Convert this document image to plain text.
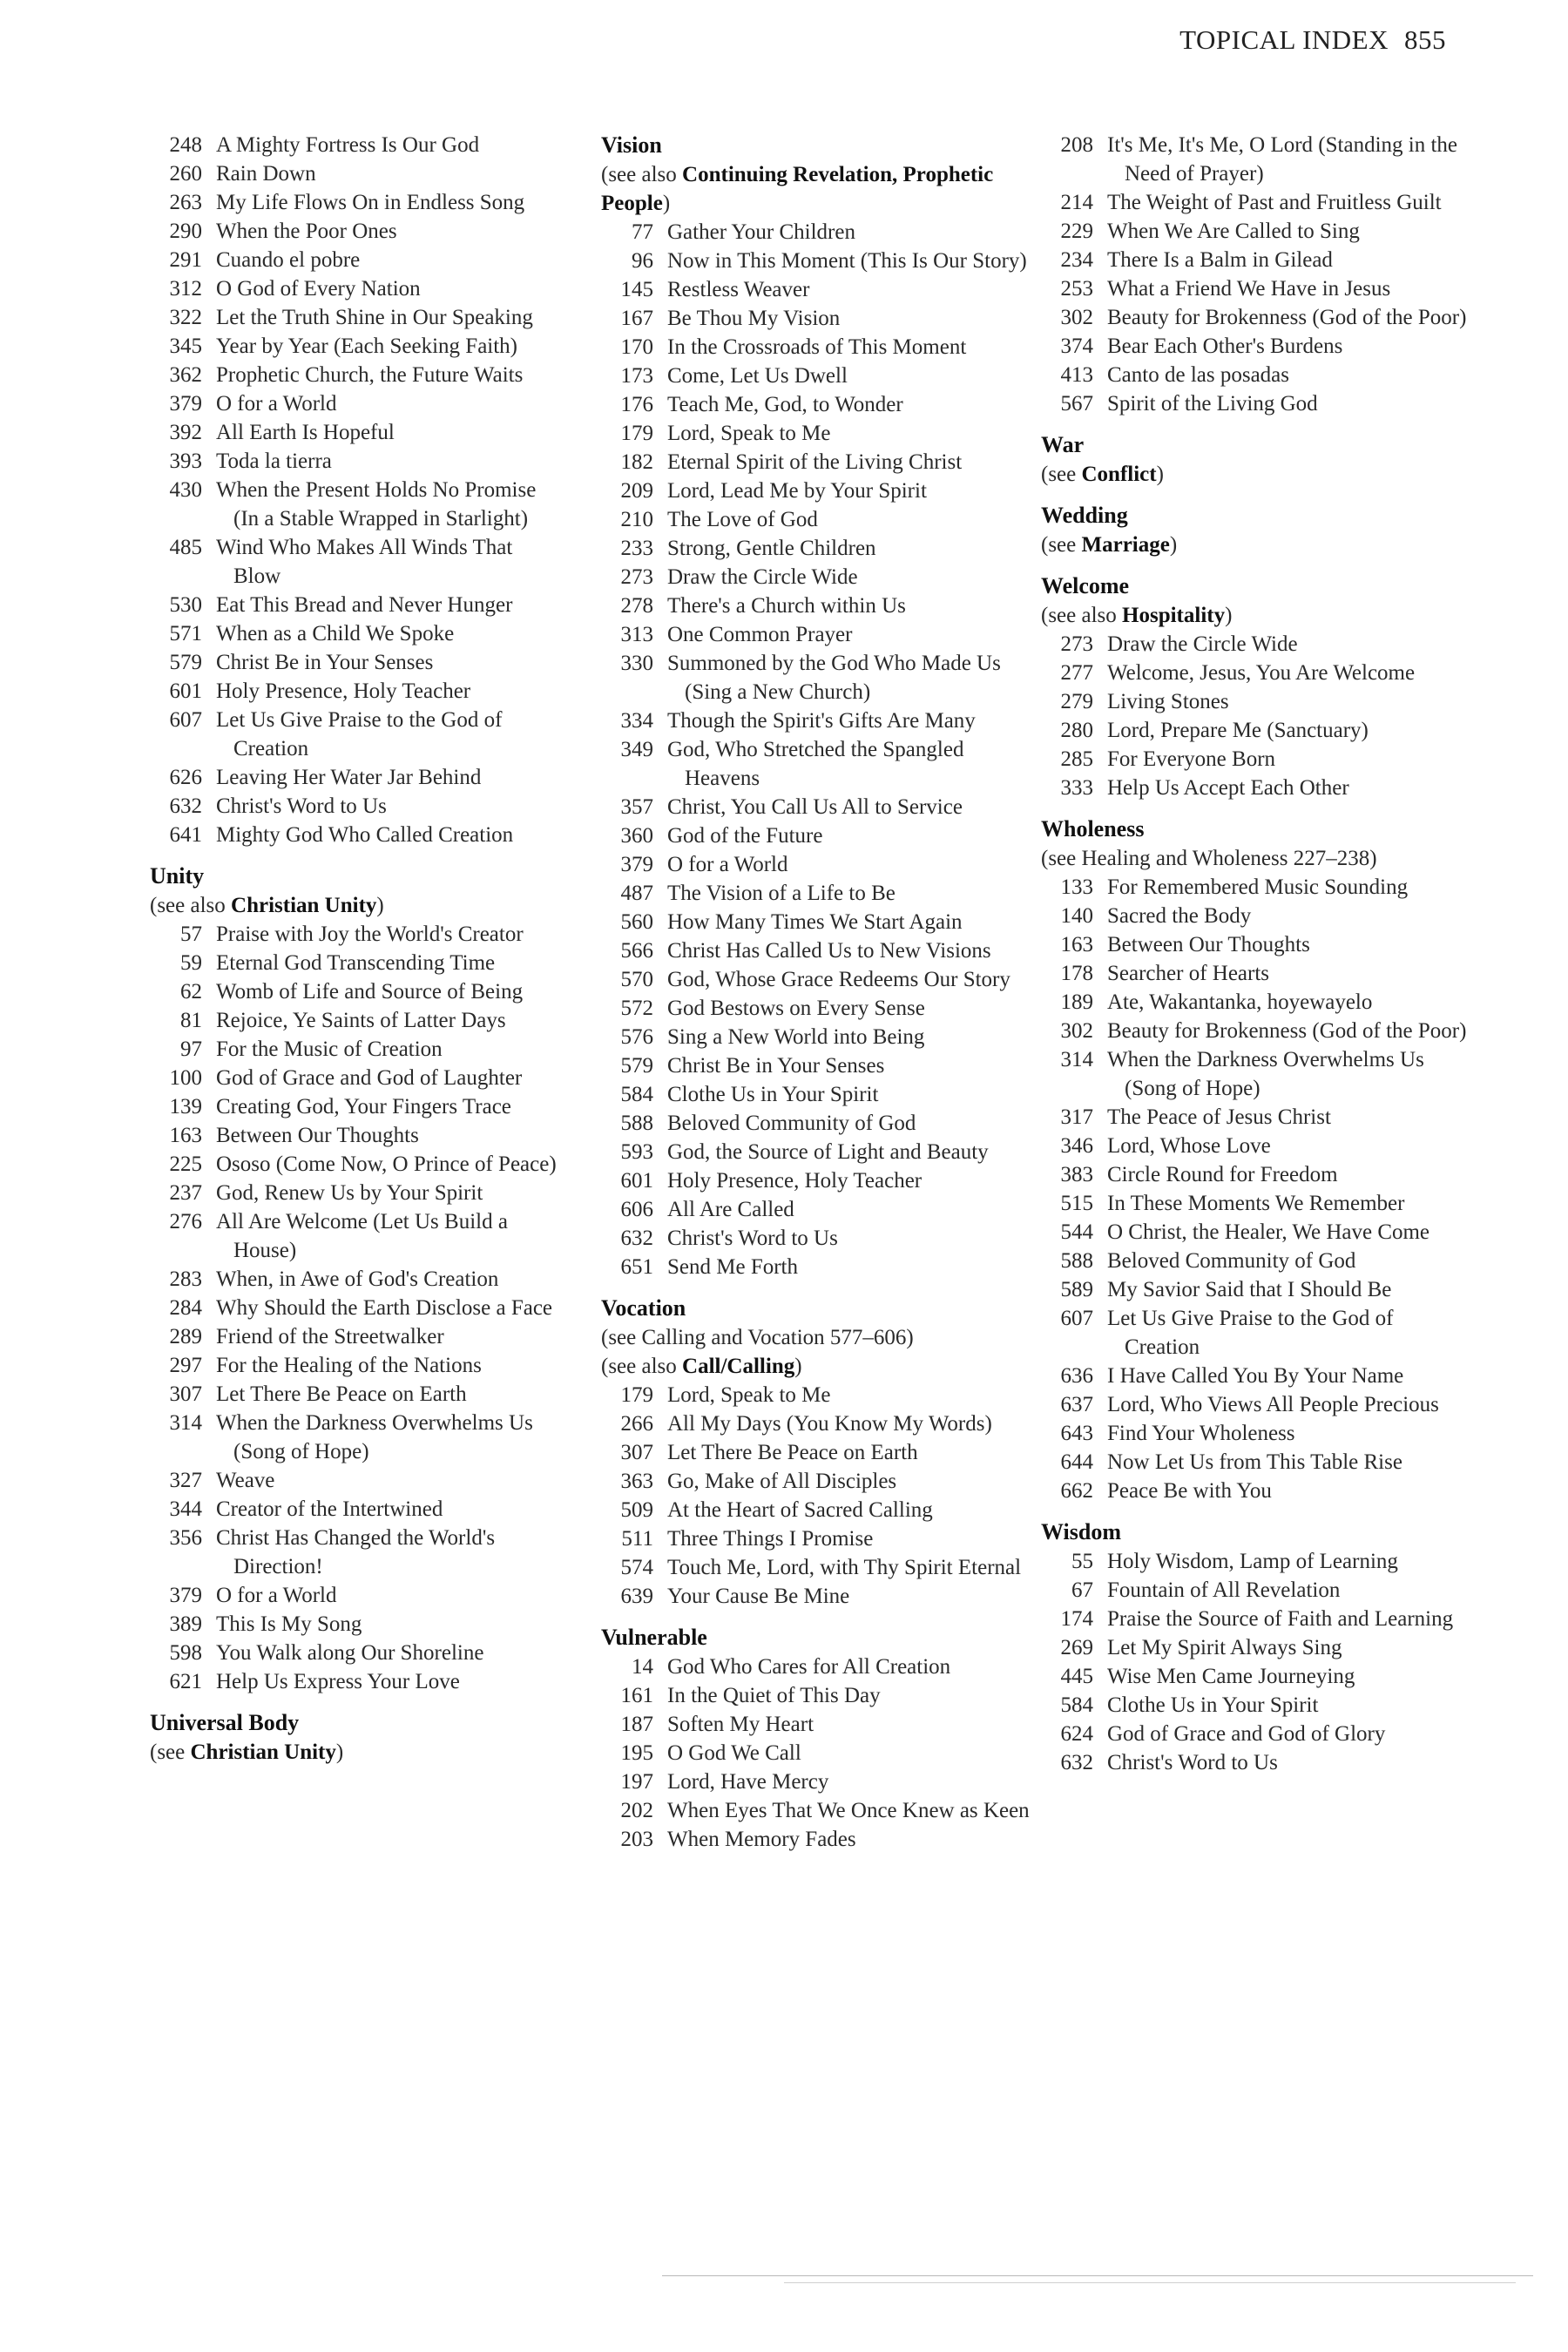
TOPICAL INDEX 855
248 A Mighty Fortress Is Our God
260 Rain Down
263 My Life Flows On in Endless Song
290 When the Poor Ones
291 Cuando el pobre
312 O God of Every Nation
322 Let the Truth Shine in Our Speaking
345 Year by Year (Each Seeking Faith)
362 Prophetic Church, the Future Waits
379 O for a World
392 All Earth Is Hopeful
393 Toda la tierra
430 When the Present Holds No Promise (In a Stable Wrapped in Starlight)
485 Wind Who Makes All Winds That Blow
530 Eat This Bread and Never Hunger
571 When as a Child We Spoke
579 Christ Be in Your Senses
601 Holy Presence, Holy Teacher
607 Let Us Give Praise to the God of Creation
626 Leaving Her Water Jar Behind
632 Christ's Word to Us
641 Mighty God Who Called Creation
Unity
(see also Christian Unity)
57 Praise with Joy the World's Creator
59 Eternal God Transcending Time
62 Womb of Life and Source of Being
81 Rejoice, Ye Saints of Latter Days
97 For the Music of Creation
100 God of Grace and God of Laughter
139 Creating God, Your Fingers Trace
163 Between Our Thoughts
225 Ososo (Come Now, O Prince of Peace)
237 God, Renew Us by Your Spirit
276 All Are Welcome (Let Us Build a House)
283 When, in Awe of God's Creation
284 Why Should the Earth Disclose a Face
289 Friend of the Streetwalker
297 For the Healing of the Nations
307 Let There Be Peace on Earth
314 When the Darkness Overwhelms Us (Song of Hope)
327 Weave
344 Creator of the Intertwined
356 Christ Has Changed the World's Direction!
379 O for a World
389 This Is My Song
598 You Walk along Our Shoreline
621 Help Us Express Your Love
Universal Body
(see Christian Unity)
Vision
(see also Continuing Revelation, Prophetic People)
77 Gather Your Children
96 Now in This Moment (This Is Our Story)
145 Restless Weaver
167 Be Thou My Vision
170 In the Crossroads of This Moment
173 Come, Let Us Dwell
176 Teach Me, God, to Wonder
179 Lord, Speak to Me
182 Eternal Spirit of the Living Christ
209 Lord, Lead Me by Your Spirit
210 The Love of God
233 Strong, Gentle Children
273 Draw the Circle Wide
278 There's a Church within Us
313 One Common Prayer
330 Summoned by the God Who Made Us (Sing a New Church)
334 Though the Spirit's Gifts Are Many
349 God, Who Stretched the Spangled Heavens
357 Christ, You Call Us All to Service
360 God of the Future
379 O for a World
487 The Vision of a Life to Be
560 How Many Times We Start Again
566 Christ Has Called Us to New Visions
570 God, Whose Grace Redeems Our Story
572 God Bestows on Every Sense
576 Sing a New World into Being
579 Christ Be in Your Senses
584 Clothe Us in Your Spirit
588 Beloved Community of God
593 God, the Source of Light and Beauty
601 Holy Presence, Holy Teacher
606 All Are Called
632 Christ's Word to Us
651 Send Me Forth
Vocation
(see Calling and Vocation 577–606)
(see also Call/Calling)
179 Lord, Speak to Me
266 All My Days (You Know My Words)
307 Let There Be Peace on Earth
363 Go, Make of All Disciples
509 At the Heart of Sacred Calling
511 Three Things I Promise
574 Touch Me, Lord, with Thy Spirit Eternal
639 Your Cause Be Mine
Vulnerable
14 God Who Cares for All Creation
161 In the Quiet of This Day
187 Soften My Heart
195 O God We Call
197 Lord, Have Mercy
202 When Eyes That We Once Knew as Keen
203 When Memory Fades
208 It's Me, It's Me, O Lord (Standing in the Need of Prayer)
214 The Weight of Past and Fruitless Guilt
229 When We Are Called to Sing
234 There Is a Balm in Gilead
253 What a Friend We Have in Jesus
302 Beauty for Brokenness (God of the Poor)
374 Bear Each Other's Burdens
413 Canto de las posadas
567 Spirit of the Living God
War
(see Conflict)
Wedding
(see Marriage)
Welcome
(see also Hospitality)
273 Draw the Circle Wide
277 Welcome, Jesus, You Are Welcome
279 Living Stones
280 Lord, Prepare Me (Sanctuary)
285 For Everyone Born
333 Help Us Accept Each Other
Wholeness
(see Healing and Wholeness 227–238)
133 For Remembered Music Sounding
140 Sacred the Body
163 Between Our Thoughts
178 Searcher of Hearts
189 Ate, Wakantanka, hoyewayelo
302 Beauty for Brokenness (God of the Poor)
314 When the Darkness Overwhelms Us (Song of Hope)
317 The Peace of Jesus Christ
346 Lord, Whose Love
383 Circle Round for Freedom
515 In These Moments We Remember
544 O Christ, the Healer, We Have Come
588 Beloved Community of God
589 My Savior Said that I Should Be
607 Let Us Give Praise to the God of Creation
636 I Have Called You By Your Name
637 Lord, Who Views All People Precious
643 Find Your Wholeness
644 Now Let Us from This Table Rise
662 Peace Be with You
Wisdom
55 Holy Wisdom, Lamp of Learning
67 Fountain of All Revelation
174 Praise the Source of Faith and Learning
269 Let My Spirit Always Sing
445 Wise Men Came Journeying
584 Clothe Us in Your Spirit
624 God of Grace and God of Glory
632 Christ's Word to Us
